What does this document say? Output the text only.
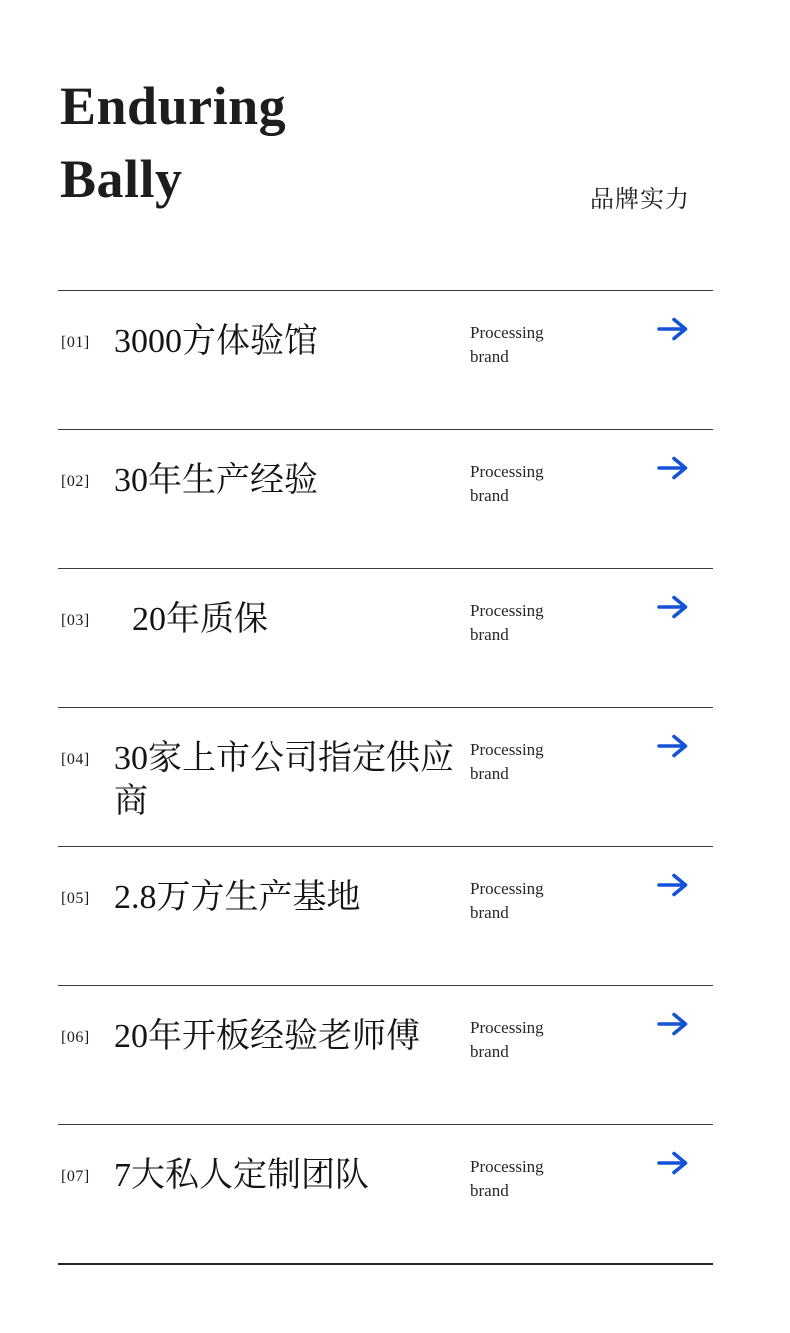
Enduring
Bally	品牌实力
[01] 3000方体验馆	Processing
brand
[02] 30年生产经验	Processing
brand
[03]	20年质保	Processing
brand
[04] 30家上市公司指定供应商
Processing
brand
[05] 2.8万方生产基地	Processing
brand
[06] 20年开板经验老师傅	Processing
brand
[07] 7大私人定制团队	Processing
brand
